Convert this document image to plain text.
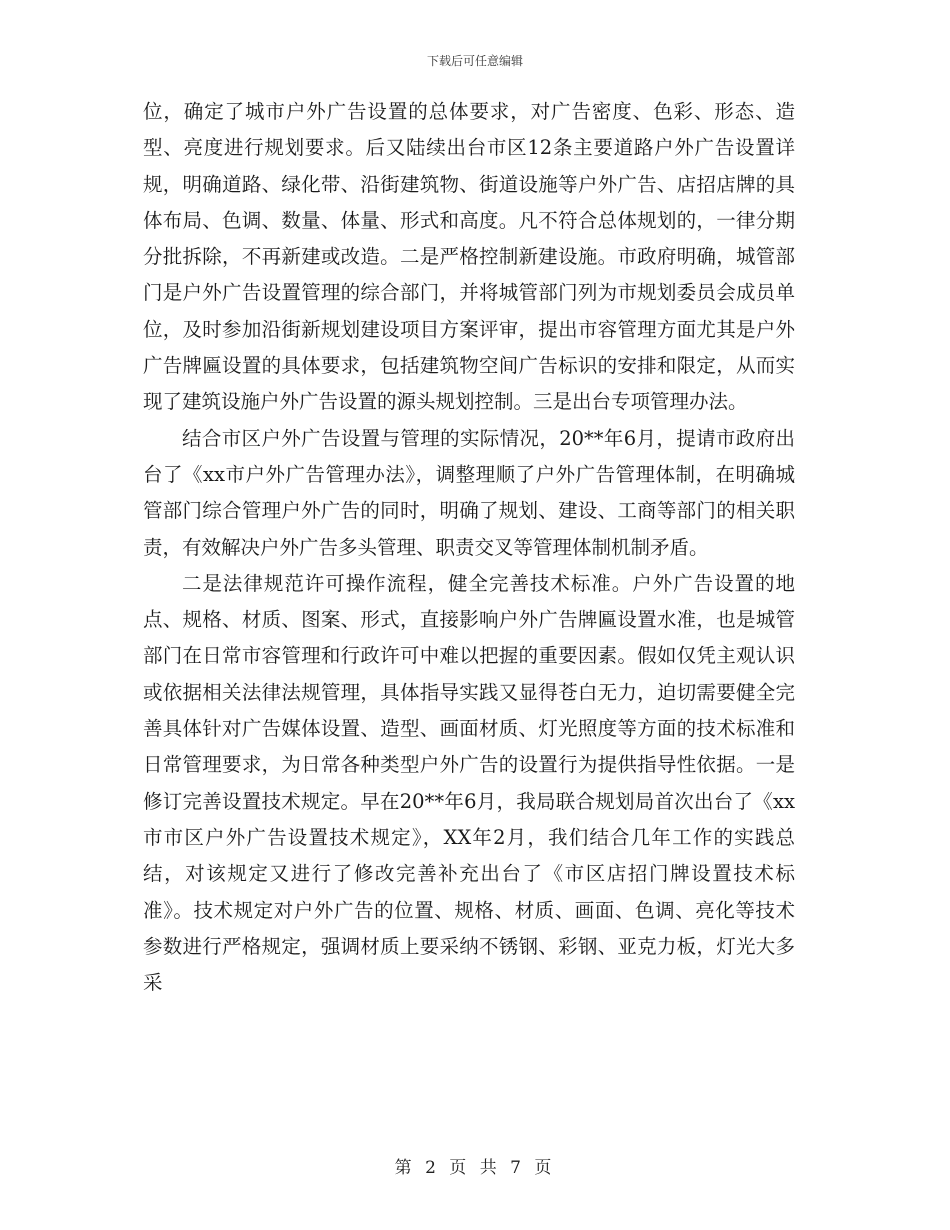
下载后可任意编辑

位，确定了城市户外广告设置的总体要求，对广告密度、色彩、形态、造型、亮度进行规划要求。后又陆续出台市区12条主要道路户外广告设置详规，明确道路、绿化带、沿街建筑物、街道设施等户外广告、店招店牌的具体布局、色调、数量、体量、形式和高度。凡不符合总体规划的，一律分期分批拆除，不再新建或改造。二是严格控制新建设施。市政府明确，城管部门是户外广告设置管理的综合部门，并将城管部门列为市规划委员会成员单位，及时参加沿街新规划建设项目方案评审，提出市容管理方面尤其是户外广告牌匾设置的具体要求，包括建筑物空间广告标识的安排和限定，从而实现了建筑设施户外广告设置的源头规划控制。三是出台专项管理办法。

结合市区户外广告设置与管理的实际情况，20**年6月，提请市政府出台了《xx市户外广告管理办法》，调整理顺了户外广告管理体制，在明确城管部门综合管理户外广告的同时，明确了规划、建设、工商等部门的相关职责，有效解决户外广告多头管理、职责交叉等管理体制机制矛盾。

二是法律规范许可操作流程，健全完善技术标准。户外广告设置的地点、规格、材质、图案、形式，直接影响户外广告牌匾设置水准，也是城管部门在日常市容管理和行政许可中难以把握的重要因素。假如仅凭主观认识或依据相关法律法规管理，具体指导实践又显得苍白无力，迫切需要健全完善具体针对广告媒体设置、造型、画面材质、灯光照度等方面的技术标准和日常管理要求，为日常各种类型户外广告的设置行为提供指导性依据。一是修订完善设置技术规定。早在20**年6月，我局联合规划局首次出台了《xx市市区户外广告设置技术规定》，XX年2月，我们结合几年工作的实践总结，对该规定又进行了修改完善补充出台了《市区店招门牌设置技术标准》。技术规定对户外广告的位置、规格、材质、画面、色调、亮化等技术参数进行严格规定，强调材质上要采纳不锈钢、彩钢、亚克力板，灯光大多采

第 2 页 共 7 页
